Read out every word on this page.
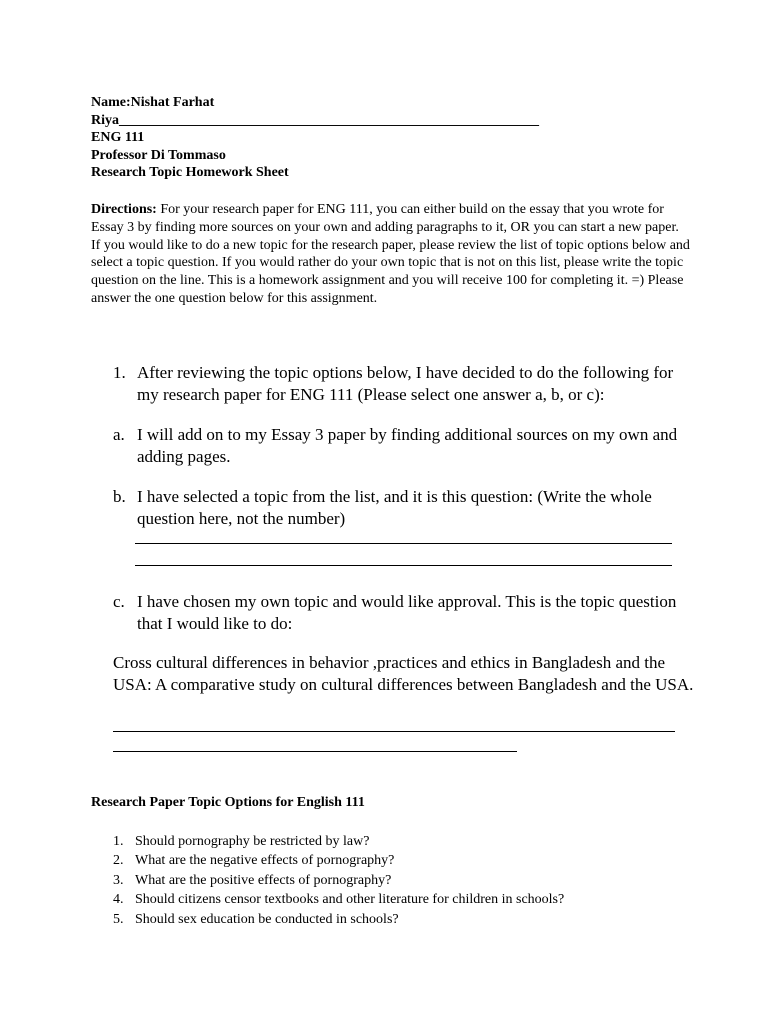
Name:Nishat Farhat
Riya____________________________________________________________
ENG 111
Professor Di Tommaso
Research Topic Homework Sheet
Directions: For your research paper for ENG 111, you can either build on the essay that you wrote for Essay 3 by finding more sources on your own and adding paragraphs to it, OR you can start a new paper. If you would like to do a new topic for the research paper, please review the list of topic options below and select a topic question. If you would rather do your own topic that is not on this list, please write the topic question on the line. This is a homework assignment and you will receive 100 for completing it. =) Please answer the one question below for this assignment.
1. After reviewing the topic options below, I have decided to do the following for my research paper for ENG 111 (Please select one answer a, b, or c):
a. I will add on to my Essay 3 paper by finding additional sources on my own and adding pages.
b. I have selected a topic from the list, and it is this question: (Write the whole question here, not the number)
c. I have chosen my own topic and would like approval. This is the topic question that I would like to do:
Cross cultural differences in behavior ,practices and ethics in Bangladesh and the USA: A comparative study on cultural differences between Bangladesh and the USA.
Research Paper Topic Options for English 111
1. Should pornography be restricted by law?
2. What are the negative effects of pornography?
3. What are the positive effects of pornography?
4. Should citizens censor textbooks and other literature for children in schools?
5. Should sex education be conducted in schools?
